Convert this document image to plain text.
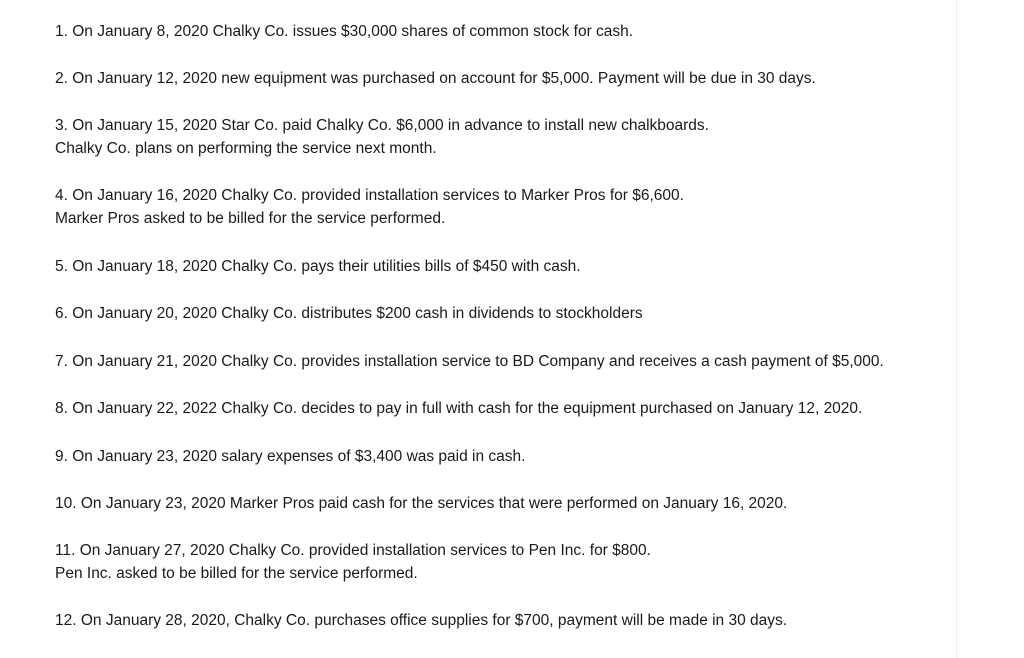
1. On January 8, 2020 Chalky Co. issues $30,000 shares of common stock for cash.
2. On January 12, 2020 new equipment was purchased on account for $5,000. Payment will be due in 30 days.
3. On January 15, 2020 Star Co. paid Chalky Co. $6,000 in advance to install new chalkboards.
Chalky Co. plans on performing the service next month.
4. On January 16, 2020 Chalky Co. provided installation services to Marker Pros for $6,600.
Marker Pros asked to be billed for the service performed.
5. On January 18, 2020 Chalky Co. pays their utilities bills of $450 with cash.
6. On January 20, 2020 Chalky Co. distributes $200 cash in dividends to stockholders
7. On January 21, 2020 Chalky Co. provides installation service to BD Company and receives a cash payment of $5,000.
8. On January 22, 2022 Chalky Co. decides to pay in full with cash for the equipment purchased on January 12, 2020.
9. On January 23, 2020 salary expenses of $3,400 was paid in cash.
10. On January 23, 2020 Marker Pros paid cash for the services that were performed on January 16, 2020.
11. On January 27, 2020 Chalky Co. provided installation services to Pen Inc. for $800.
Pen Inc. asked to be billed for the service performed.
12. On January 28, 2020, Chalky Co. purchases office supplies for $700, payment will be made in 30 days.
